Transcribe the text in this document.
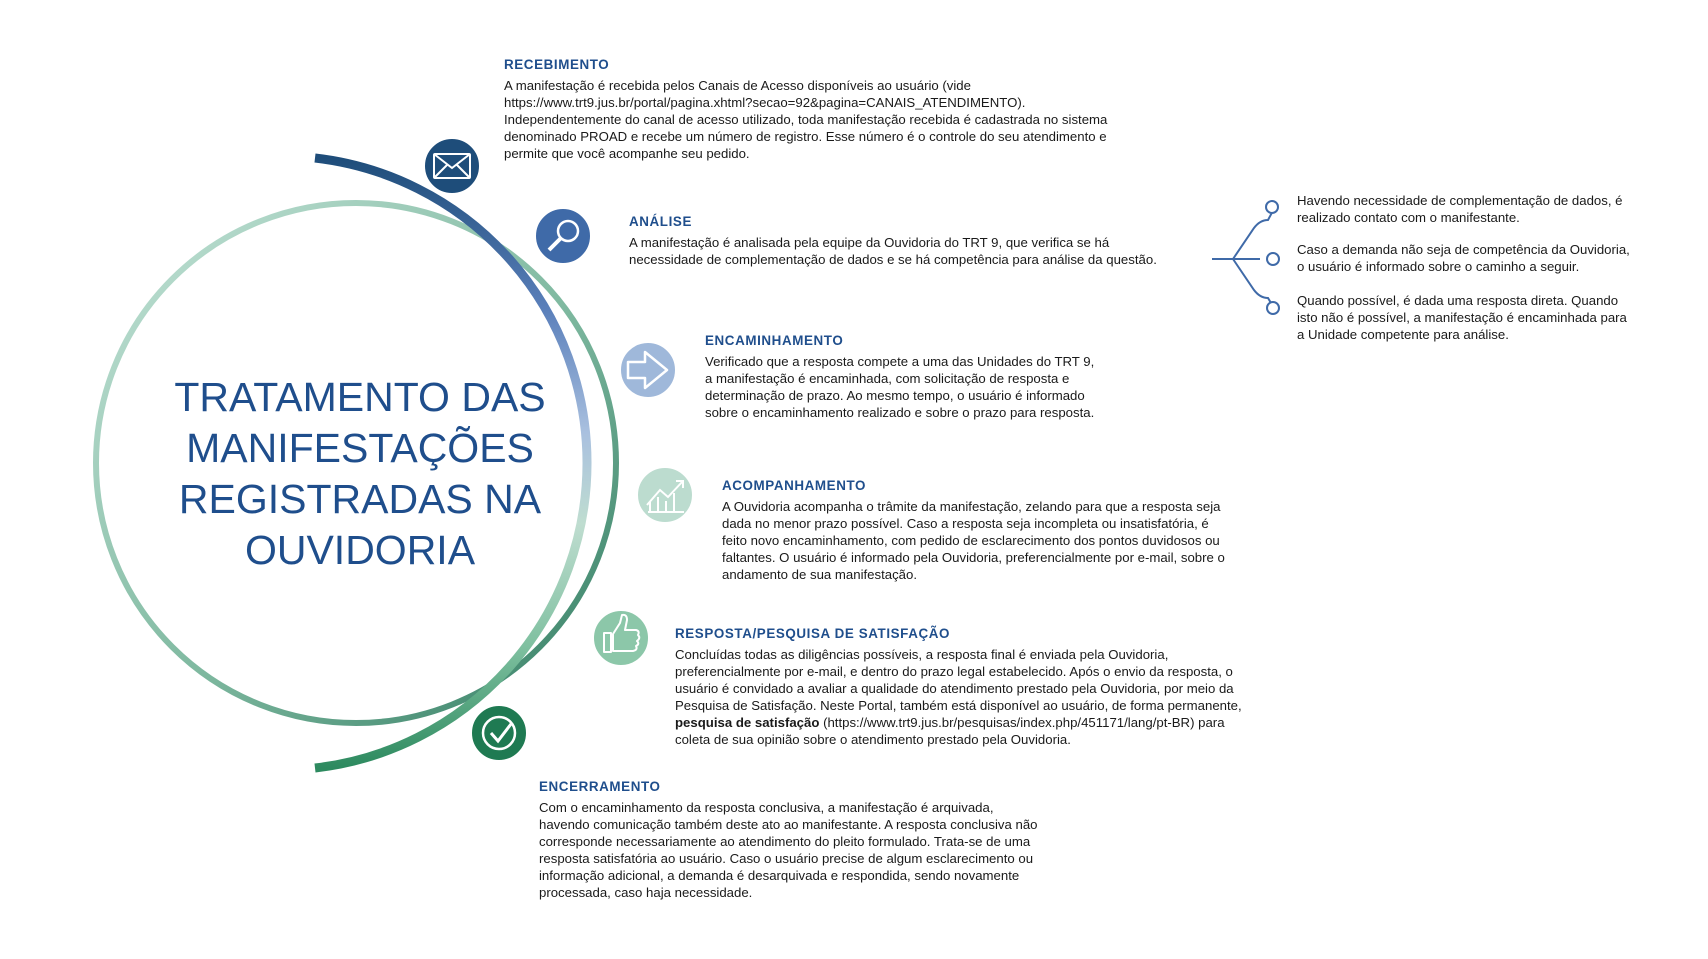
TRATAMENTO DAS
MANIFESTAÇÕES
REGISTRADAS NA
OUVIDORIA
RECEBIMENTO
A manifestação é recebida pelos Canais de Acesso disponíveis ao usuário (vide
https://www.trt9.jus.br/portal/pagina.xhtml?secao=92&pagina=CANAIS_ATENDIMENTO).
Independentemente do canal de acesso utilizado, toda manifestação recebida é cadastrada no sistema
denominado PROAD e recebe um número de registro. Esse número é o controle do seu atendimento e
permite que você acompanhe seu pedido.
ANÁLISE
A manifestação é analisada pela equipe da Ouvidoria do TRT 9, que verifica se há
necessidade de complementação de dados e se há competência para análise da questão.
ENCAMINHAMENTO
Verificado que a resposta compete a uma das Unidades do TRT 9,
a manifestação é encaminhada, com solicitação de resposta e
determinação de prazo. Ao mesmo tempo, o usuário é informado
sobre o encaminhamento realizado e sobre o prazo para resposta.
ACOMPANHAMENTO
A Ouvidoria acompanha o trâmite da manifestação, zelando para que a resposta seja
dada no menor prazo possível. Caso a resposta seja incompleta ou insatisfatória, é
feito novo encaminhamento, com pedido de esclarecimento dos pontos duvidosos ou
faltantes. O usuário é informado pela Ouvidoria, preferencialmente por e-mail, sobre o
andamento de sua manifestação.
RESPOSTA/PESQUISA DE SATISFAÇÃO
Concluídas todas as diligências possíveis, a resposta final é enviada pela Ouvidoria,
preferencialmente por e-mail, e dentro do prazo legal estabelecido. Após o envio da resposta, o
usuário é convidado a avaliar a qualidade do atendimento prestado pela Ouvidoria, por meio da
Pesquisa de Satisfação. Neste Portal, também está disponível ao usuário, de forma permanente,
pesquisa de satisfação (https://www.trt9.jus.br/pesquisas/index.php/451171/lang/pt-BR) para
coleta de sua opinião sobre o atendimento prestado pela Ouvidoria.
ENCERRAMENTO
Com o encaminhamento da resposta conclusiva, a manifestação é arquivada,
havendo comunicação também deste ato ao manifestante. A resposta conclusiva não
corresponde necessariamente ao atendimento do pleito formulado. Trata-se de uma
resposta satisfatória ao usuário. Caso o usuário precise de algum esclarecimento ou
informação adicional, a demanda é desarquivada e respondida, sendo novamente
processada, caso haja necessidade.
Havendo necessidade de complementação de dados, é
realizado contato com o manifestante.
Caso a demanda não seja de competência da Ouvidoria,
o usuário é informado sobre o caminho a seguir.
Quando possível, é dada uma resposta direta. Quando
isto não é possível, a manifestação é encaminhada para
a Unidade competente para análise.
